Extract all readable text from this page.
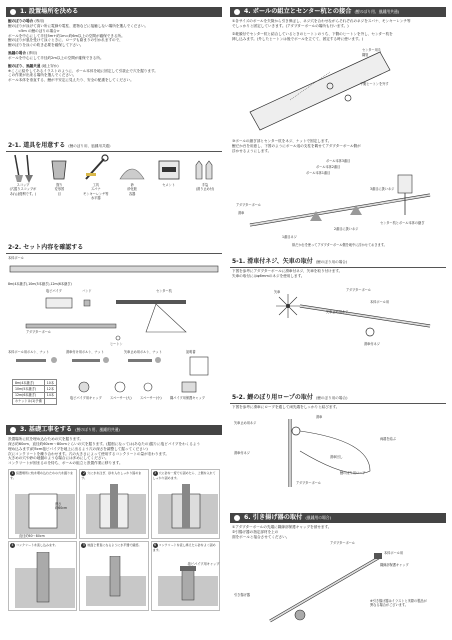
1. 設置場所を決める
鯉のぼりの場合 (専用)
鯉のぼりが泳げて高い所に電線や電柱、建物などに接触しない場所を選んでください。
<5m の鯉のぼりの場合>
ポールを中心にして半径5m+約1m=約6m以上の空間が確保できる所。
鯉のぼりが風を受けて泳ぐときに、ロープも絡まりの引かれますので、
鯉のぼりを泳ぐの吹き必要を確保して下さい。
風鍾の場合 (専用)
ポールを中心にして半径約2m以上の空間が確保できる所。
鯉のぼり、風鍾共通 (地上穿か)
※ここに紹介してあるイラストのように、ポール本体を地に固定して引抜止で穴を掘ります。
この作業が出来る場所を選んでください。
ポール本体を垂直する、鯉が不安定に見えたり、安全の配慮をしてください。
2-1. 道具を用意する (鯉のぼり用、風鍾用共通)
スコップ
(穴掘りスコップが
あれば便利です。)
握り
変形図
目
工具
スパナ
モンキーレンチ等
水平器
砂
砂化粧
容器
セメント	手袋
(滑り止め付)
2-2. セット内容を確認する
本体ポール
8m(4本継ぎ),10m(5本継ぎ),12m(6本継ぎ)
塩ビパイプ	バンド	センター杭
アダプターポール
ヒートン
本体ボール用ボルト、ナット	滑車付け用ボルト、ナット	矢車止め用ボルト、ナット	説明書
8m(4本継ぎ)	10本
10m(5本継ぎ)	12本
12m(6本継ぎ)	14本
ホナットは(1)予備	
塩ビパイプ用キャップ	スペーサー(大)	スペーサー(小)	鋼パイプ用保護キャップ
3. 基礎工事をする (鯉のぼり用、風鍾用共通)
設置場所に杭を埋め込むための穴を掘ります。
深さ約60cm、直径約60cm〜80cmぐらいの穴を掘ります。(掘削になっては(あなたの)掘りに塩ビパイプをわくるよう
埋め込みます)約5cm塩ビパイプを地上に出るよう穴の深さを調整して掘ってください)
次にコンクリートを練り合わせます。穴の大きさによって使用するコンクリートの量が変わります。
大きめの穴や砂の地盤のような場合には多めにしてください。
コンクリートが固まるのを待ち、ポールの組立と設置作業に移ります。
1 設置場所に杭を埋め込むための穴を掘ります。
深さ
約60cm
直径約60〜80cm
2 穴に水を注ぎ、砂を入れしっかり固めます。
3 穴に砂を一度でも固めたら、上側を入れてしっかり固めます。
4 コンクリートを流し込みます。	5 地面と垂直になるように水平器で確認。	6 コンクリートを流し終えたら砂をよく固めます。
塩ビパイプ用キャップ
4. ポールの組立とセンター杭との接合 (鯉のぼり用、風鍾用共通)
①各サイズのポールを矢筒から引き伸ばし、ネジ穴を合わせながらそれぞれのネジをスパナ、モンキーレンチ等
でしっかりと固定していきます。(アダプターポールの場所も行います。)
②耗頭付でセンター杭と結合しているときのヒートンのうち、下側のヒートンを外し、センター杭を
挿し込みます。(外したヒートンは後でポールを立てて、固定する時に使います。)
センター用丸
鋼管
下側ヒートンを外す
③ポールの継ぎ部とセンター杭をネジ、ナットで固定します。
鯉だか台を用意し、下図のようにポール返の支柱を載せてアダプターポール側が
浮かせるようにします。
ポール本体3番目
ポール本体2番目
ポール本体1番目
アダプターポール
滑車
3番目に扱いネジ
2番目に扱いネジ
センター杭とポール本体の継ぎ
1番目ネジ
紙だか台を使ってアダプターポール側を地中に浮かせておきます。
5-1. 滑車付ネジ、矢車の取付 (鯉のぼり用の場合)
下図を参考にアダプターポールに滑車付ネジ、矢車を取り付けます。
矢車の取付にはφ6mmのネジを使用します。
アダプターポール
本体ボール用
矢車止め用ネジ
矢車
滑車付ネジ
5-2. 鯉のぼり用ロープの取付 (鯉のぼり用の場合)
下図を参考に滑車にロープを通して両先端をしっかりと結びます。
矢車止め用ネジ
滑車
滑車付ネジ
鯉のぼり用ロープ
両端を結ぶ
滑車回し
アダプターポール
6. 引き揚げ器の取付 (風鍾用の場合)
①アダプターポールの先端に鋼線部保護キャップを被せます。
②引揚げ器の指定部材を上の
面をポールと接合させてください。
アダプターポール
本体ボール用
鋼線部保護キャップ
引き揚げ器
※引き揚げ器はイラストと実際の製品が
異なる場合がございます。
